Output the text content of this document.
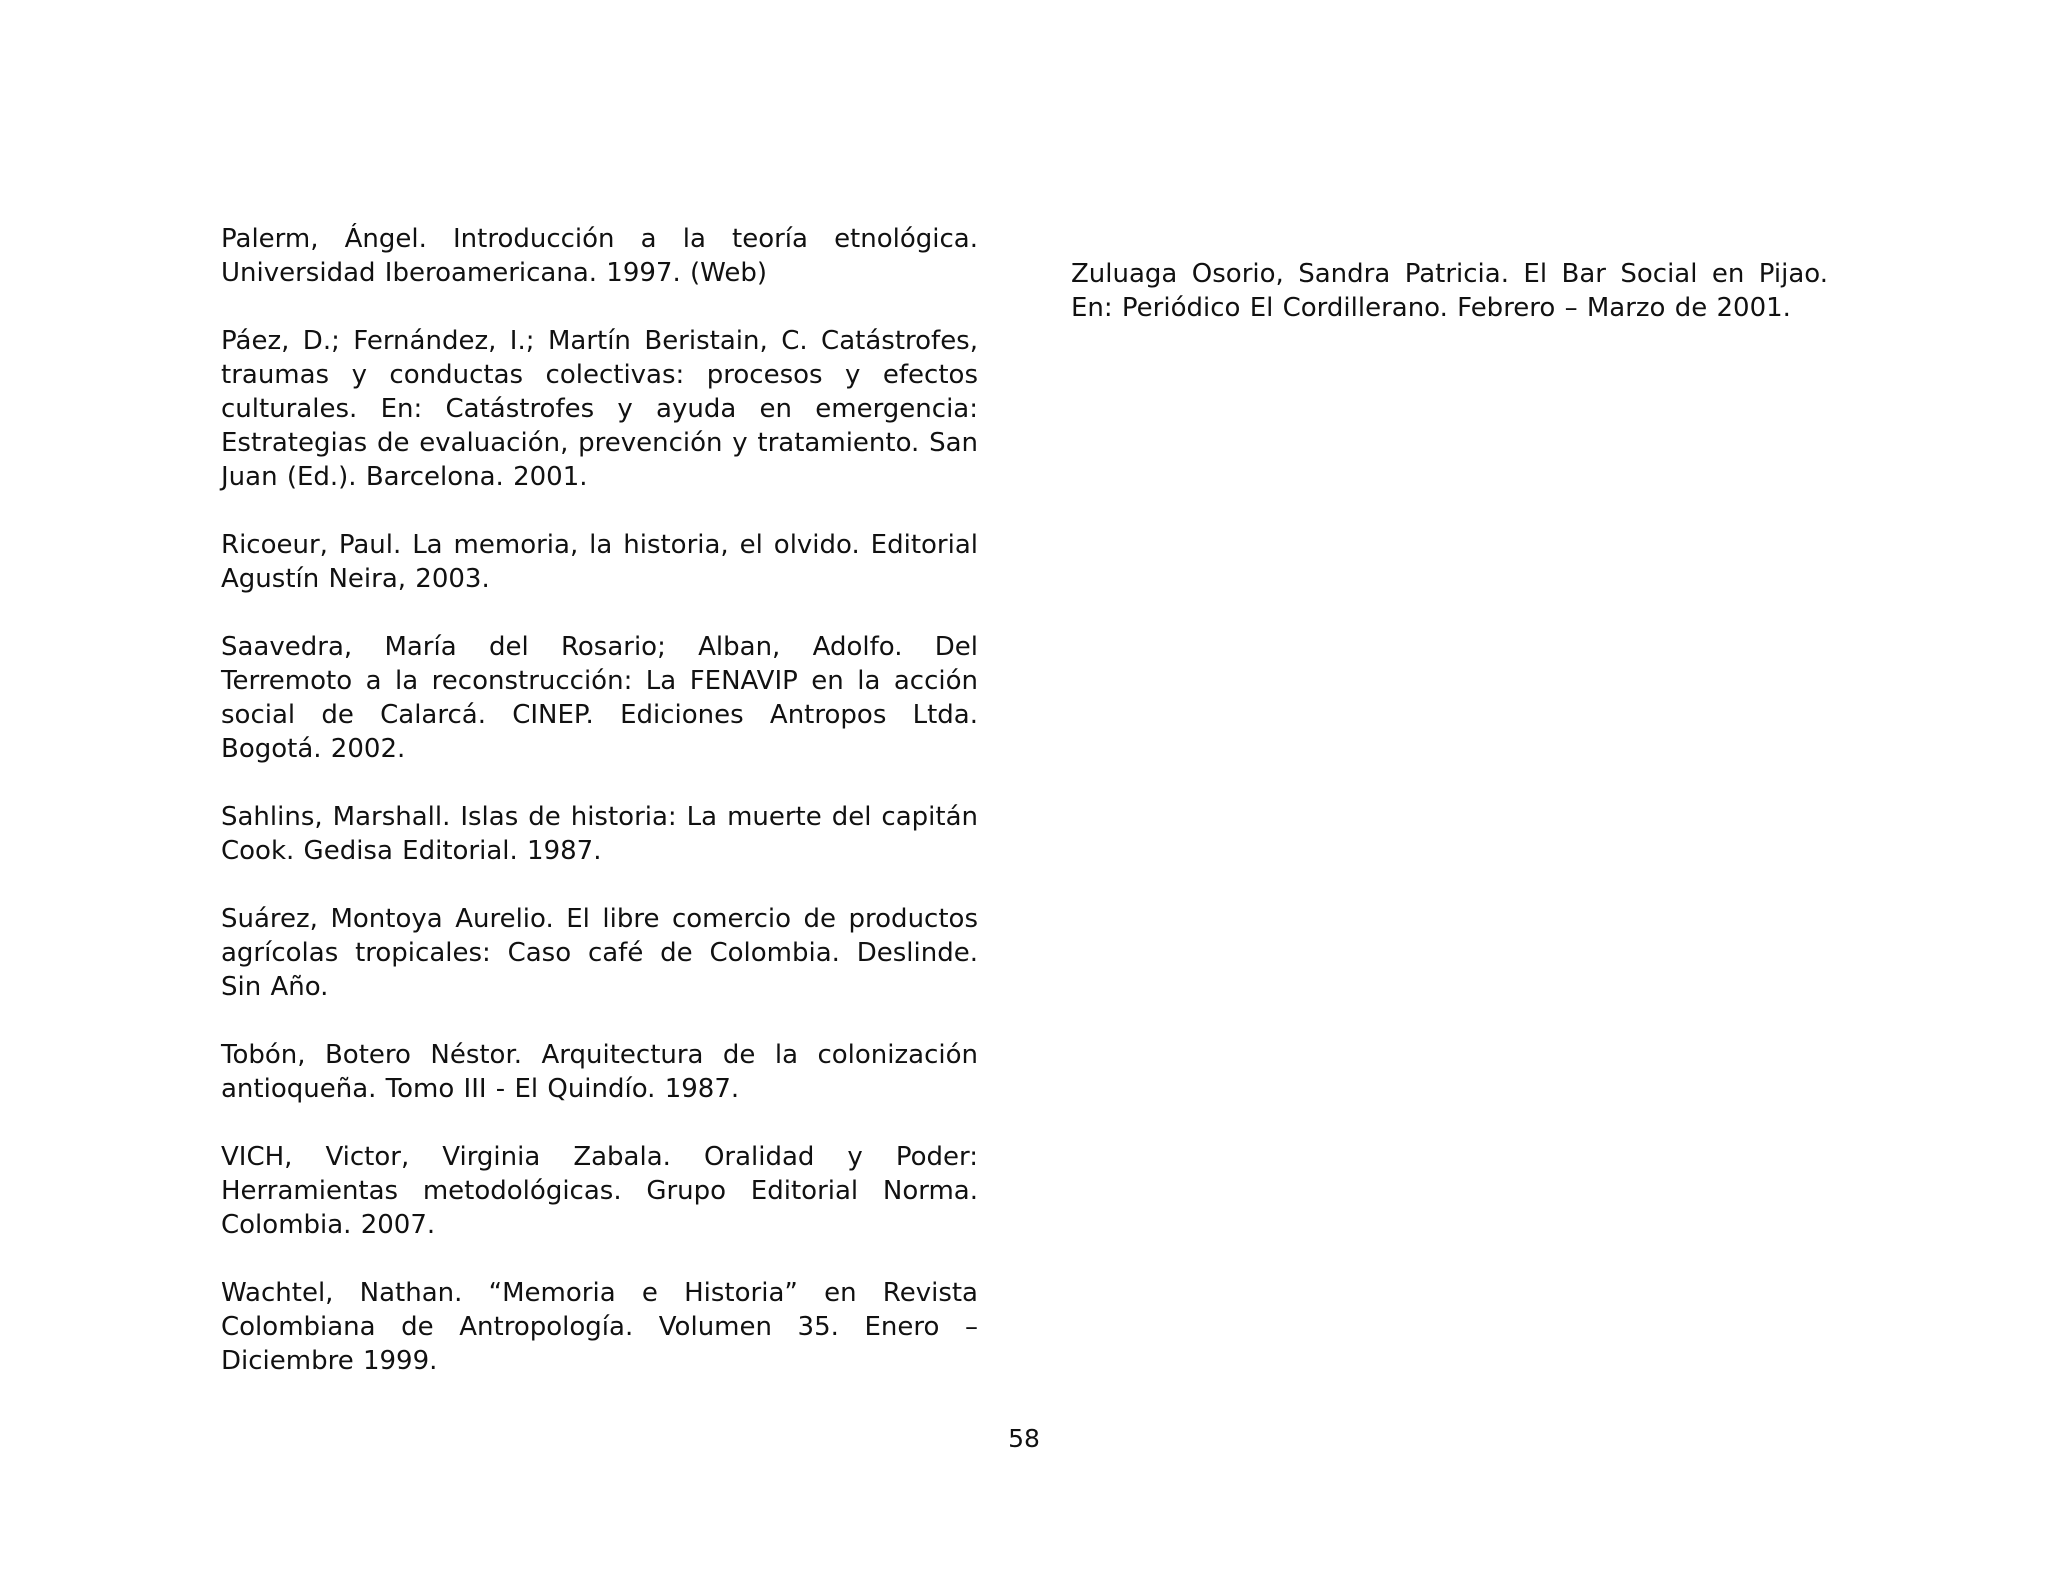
Palerm, Ángel. Introducción a la teoría etnológica. Universidad Iberoamericana. 1997. (Web)

Páez, D.; Fernández, I.; Martín Beristain, C. Catástrofes, traumas y conductas colectivas: procesos y efectos culturales. En: Catástrofes y ayuda en emergencia: Estrategias de evaluación, prevención y tratamiento. San Juan (Ed.). Barcelona. 2001.

Ricoeur, Paul. La memoria, la historia, el olvido. Editorial Agustín Neira, 2003.

Saavedra, María del Rosario; Alban, Adolfo. Del Terremoto a la reconstrucción: La FENAVIP en la acción social de Calarcá. CINEP. Ediciones Antropos Ltda. Bogotá. 2002.

Sahlins, Marshall. Islas de historia: La muerte del capitán Cook. Gedisa Editorial. 1987.

Suárez, Montoya Aurelio. El libre comercio de productos agrícolas tropicales: Caso café de Colombia. Deslinde. Sin Año.

Tobón, Botero Néstor. Arquitectura de la colonización antioqueña. Tomo III - El Quindío. 1987.

VICH, Victor, Virginia Zabala. Oralidad y Poder: Herramientas metodológicas. Grupo Editorial Norma. Colombia. 2007.

Wachtel, Nathan. “Memoria e Historia” en Revista Colombiana de Antropología. Volumen 35. Enero – Diciembre 1999.

Zuluaga Osorio, Sandra Patricia. El Bar Social en Pijao. En: Periódico El Cordillerano. Febrero – Marzo de 2001.

58
